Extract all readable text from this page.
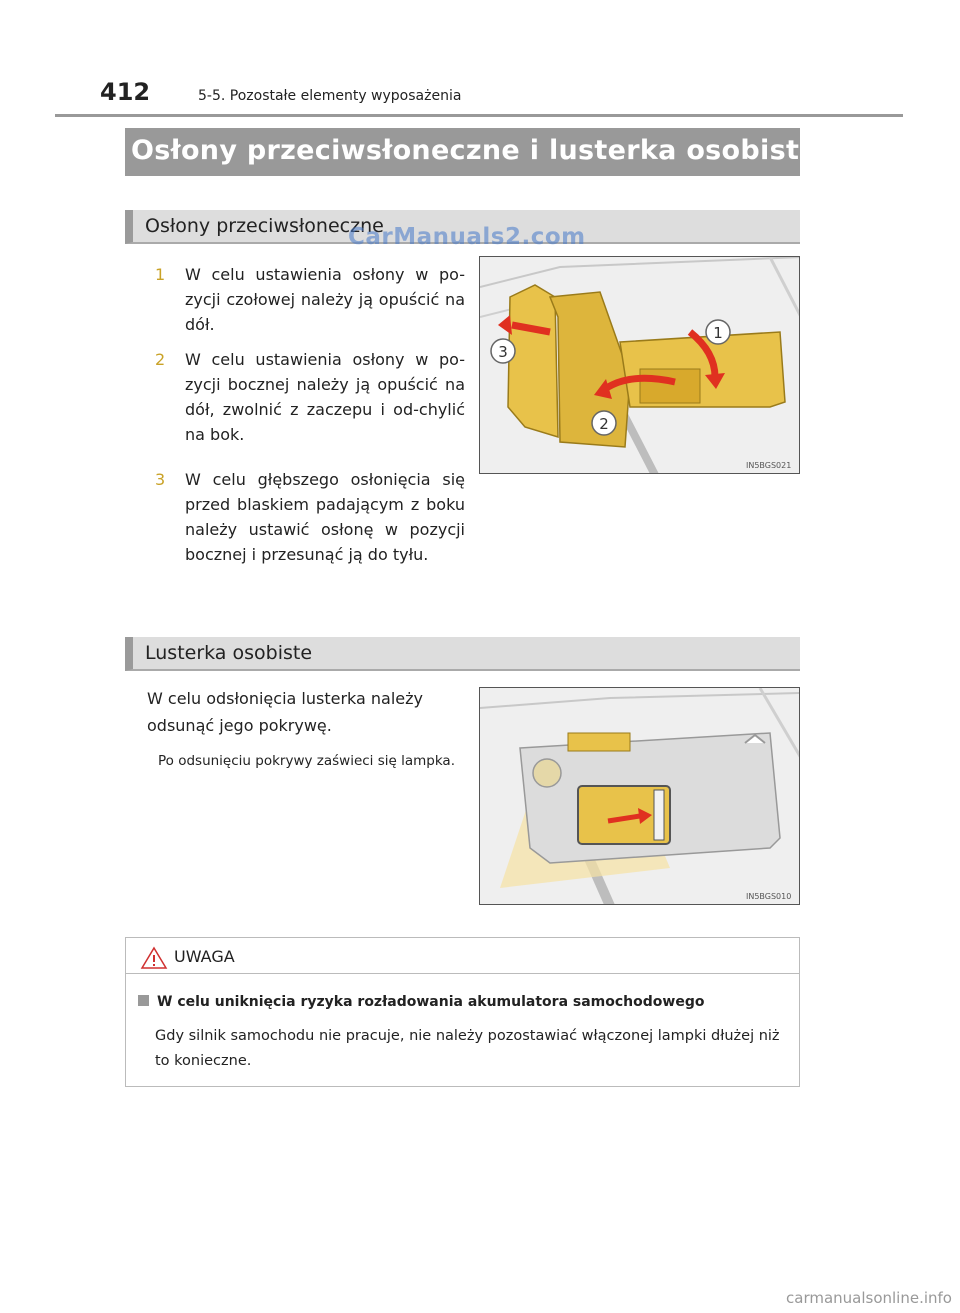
412	5-5. Pozostałe elementy wyposażenia
Osłony przeciwsłoneczne i lusterka osobiste
Osłony przeciwsłoneczne
CarManuals2.com
1 W celu ustawienia osłony w po-zycji czołowej należy ją opuścić na dół.
2 W celu ustawienia osłony w po-zycji bocznej należy ją opuścić na dół, zwolnić z zaczepu i od-chylić na bok.
3 W celu głębszego osłonięcia się przed blaskiem padającym z boku należy ustawić osłonę w pozycji bocznej i przesunąć ją do tyłu.
1
2
3
IN5BGS021
Lusterka osobiste
W celu odsłonięcia lusterka należy odsunąć jego pokrywę.
Po odsunięciu pokrywy zaświeci się lampka.
IN5BGS010
UWAGA
W celu uniknięcia ryzyka rozładowania akumulatora samochodowego
Gdy silnik samochodu nie pracuje, nie należy pozostawiać włączonej lampki dłużej niż to konieczne.
carmanualsonline.info
